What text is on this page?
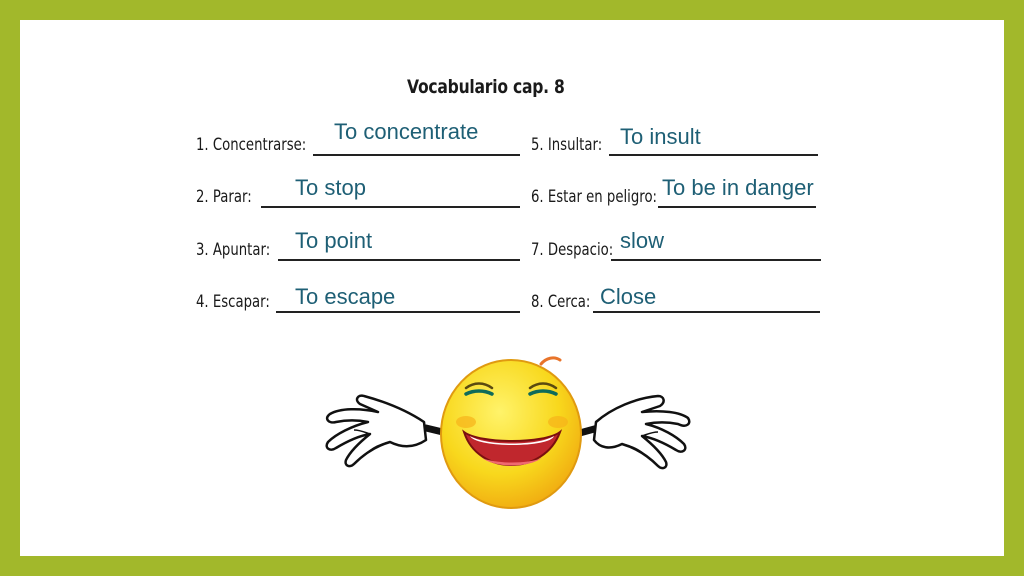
Vocabulario cap. 8
1. Concentrarse:
2. Parar:
3. Apuntar:
4. Escapar:
5. Insultar:
6. Estar en peligro:
7. Despacio:
8. Cerca:
To concentrate
To stop
To point
To escape
To insult
To be in danger
slow
Close
